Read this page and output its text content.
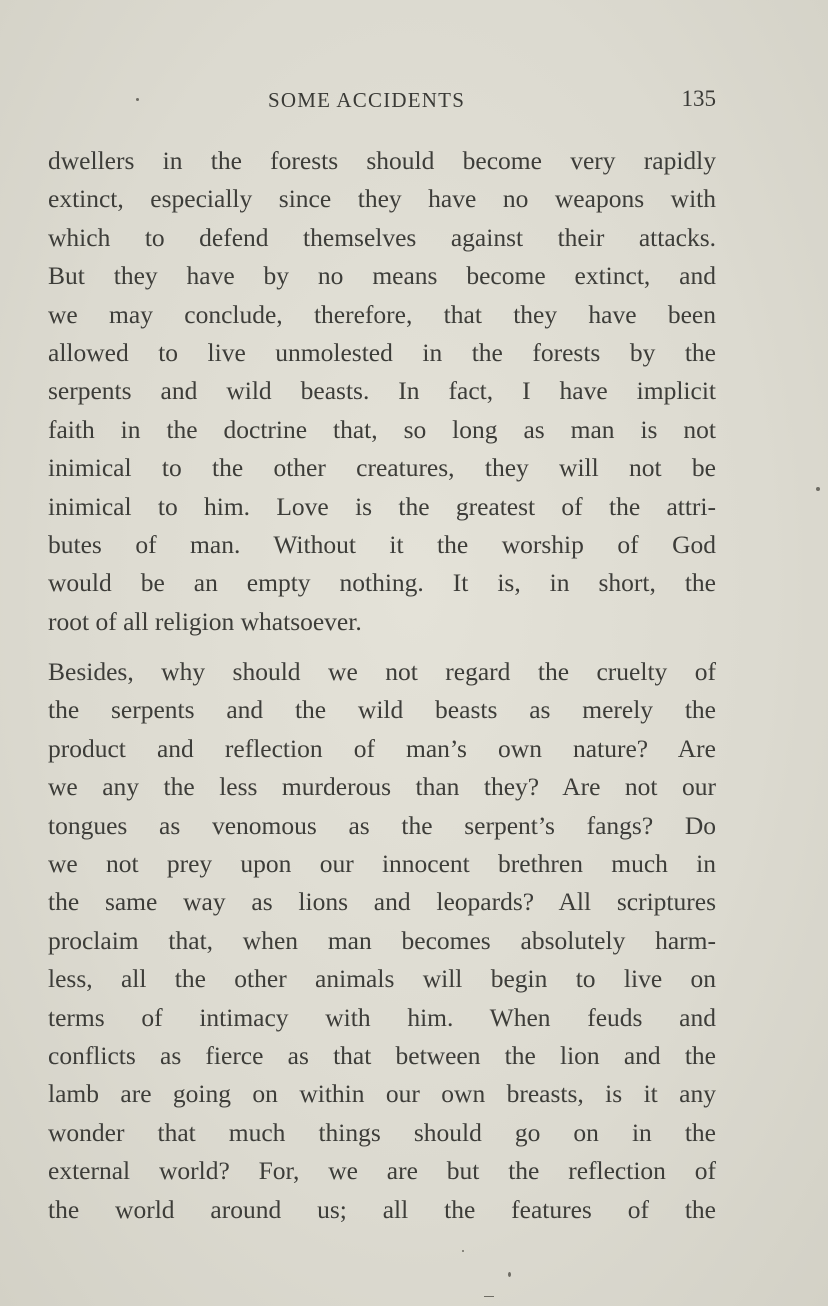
SOME ACCIDENTS	135
dwellers in the forests should become very rapidly
extinct, especially since they have no weapons with
which to defend themselves against their attacks.
But they have by no means become extinct, and
we may conclude, therefore, that they have been
allowed to live unmolested in the forests by the
serpents and wild beasts. In fact, I have implicit
faith in the doctrine that, so long as man is not
inimical to the other creatures, they will not be
inimical to him. Love is the greatest of the attri-
butes of man. Without it the worship of God
would be an empty nothing. It is, in short, the
root of all religion whatsoever.
Besides, why should we not regard the cruelty of
the serpents and the wild beasts as merely the
product and reflection of man’s own nature? Are
we any the less murderous than they? Are not our
tongues as venomous as the serpent’s fangs? Do
we not prey upon our innocent brethren much in
the same way as lions and leopards? All scriptures
proclaim that, when man becomes absolutely harm-
less, all the other animals will begin to live on
terms of intimacy with him. When feuds and
conflicts as fierce as that between the lion and the
lamb are going on within our own breasts, is it any
wonder that much things should go on in the
external world? For, we are but the reflection of
the world around us; all the features of the
